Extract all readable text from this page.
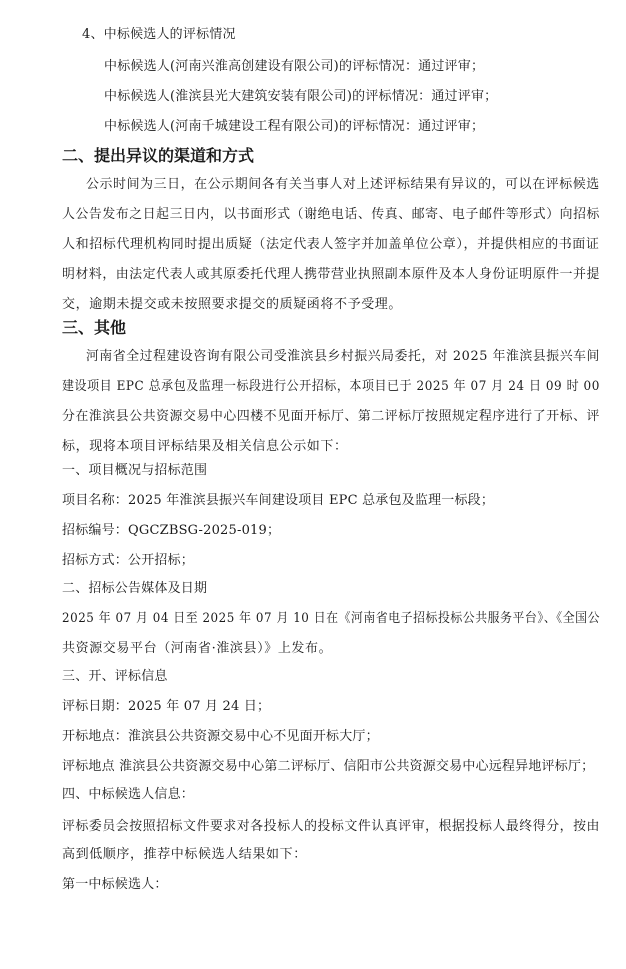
4、中标候选人的评标情况
中标候选人(河南兴淮高创建设有限公司)的评标情况：通过评审；
中标候选人(淮滨县光大建筑安装有限公司)的评标情况：通过评审；
中标候选人(河南千城建设工程有限公司)的评标情况：通过评审；
二、提出异议的渠道和方式
公示时间为三日，在公示期间各有关当事人对上述评标结果有异议的，可以在评标候选
人公告发布之日起三日内，以书面形式（谢绝电话、传真、邮寄、电子邮件等形式）向招标
人和招标代理机构同时提出质疑（法定代表人签字并加盖单位公章），并提供相应的书面证
明材料，由法定代表人或其原委托代理人携带营业执照副本原件及本人身份证明原件一并提
交，逾期未提交或未按照要求提交的质疑函将不予受理。
三、其他
河南省全过程建设咨询有限公司受淮滨县乡村振兴局委托，对 2025 年淮滨县振兴车间
建设项目 EPC 总承包及监理一标段进行公开招标，本项目已于 2025 年 07 月 24 日 09 时 00
分在淮滨县公共资源交易中心四楼不见面开标厅、第二评标厅按照规定程序进行了开标、评
标，现将本项目评标结果及相关信息公示如下：
一、项目概况与招标范围
项目名称：2025 年淮滨县振兴车间建设项目 EPC 总承包及监理一标段；
招标编号：QGCZBSG-2025-019；
招标方式：公开招标；
二、招标公告媒体及日期
2025 年 07 月 04 日至 2025 年 07 月 10 日在《河南省电子招标投标公共服务平台》、《全国公
共资源交易平台（河南省·淮滨县）》上发布。
三、开、评标信息
评标日期：2025 年 07 月 24 日；
开标地点：淮滨县公共资源交易中心不见面开标大厅；
评标地点 淮滨县公共资源交易中心第二评标厅、信阳市公共资源交易中心远程异地评标厅；
四、中标候选人信息：
评标委员会按照招标文件要求对各投标人的投标文件认真评审，根据投标人最终得分，按由
高到低顺序，推荐中标候选人结果如下：
第一中标候选人：
